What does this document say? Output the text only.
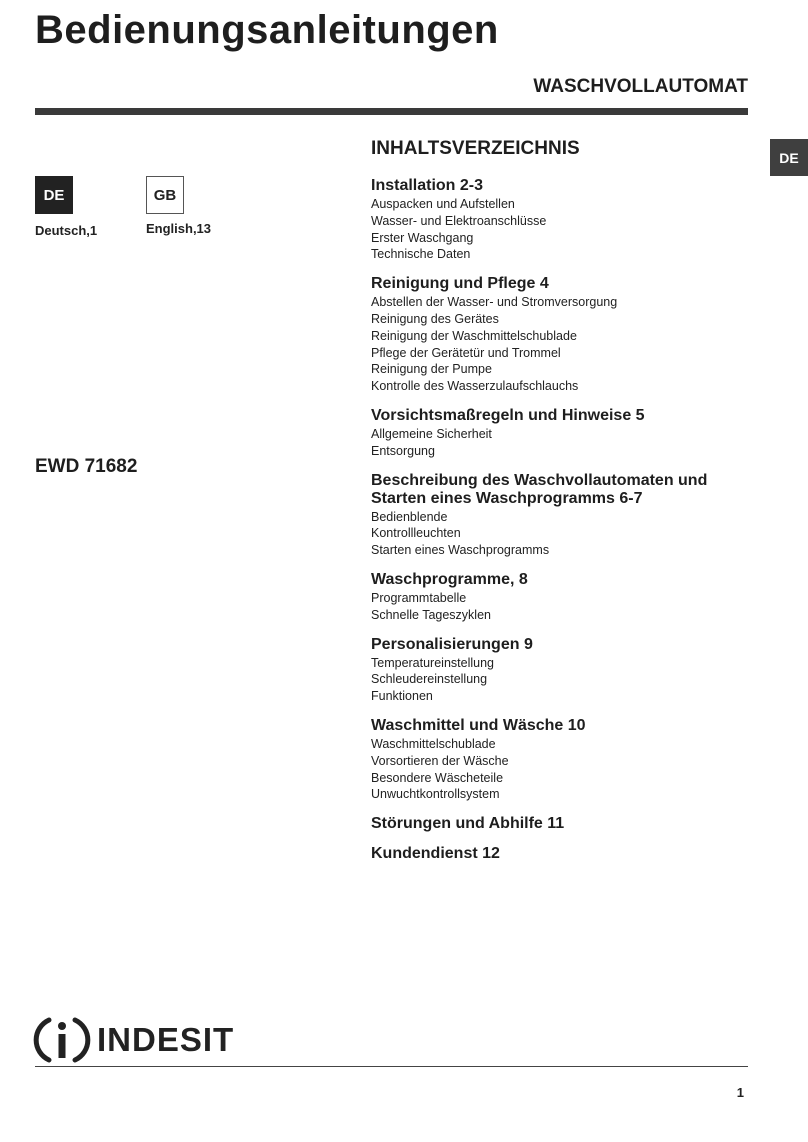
Bedienungsanleitungen
WASCHVOLLAUTOMAT
DE
DE
Deutsch,1
GB
English,13
EWD 71682
INHALTSVERZEICHNIS
Installation 2-3
Auspacken und Aufstellen
Wasser- und Elektroanschlüsse
Erster Waschgang
Technische Daten
Reinigung und Pflege 4
Abstellen der Wasser- und Stromversorgung
Reinigung des Gerätes
Reinigung der Waschmittelschublade
Pflege der Gerätetür und Trommel
Reinigung der Pumpe
Kontrolle des Wasserzulaufschlauchs
Vorsichtsmaßregeln und Hinweise 5
Allgemeine Sicherheit
Entsorgung
Beschreibung des Waschvollautomaten und Starten eines Waschprogramms 6-7
Bedienblende
Kontrollleuchten
Starten eines Waschprogramms
Waschprogramme, 8
Programmtabelle
Schnelle Tageszyklen
Personalisierungen 9
Temperatureinstellung
Schleudereinstellung
Funktionen
Waschmittel und Wäsche 10
Waschmittelschublade
Vorsortieren der Wäsche
Besondere Wäscheteile
Unwuchtkontrollsystem
Störungen und Abhilfe 11
Kundendienst 12
INDESIT
1
